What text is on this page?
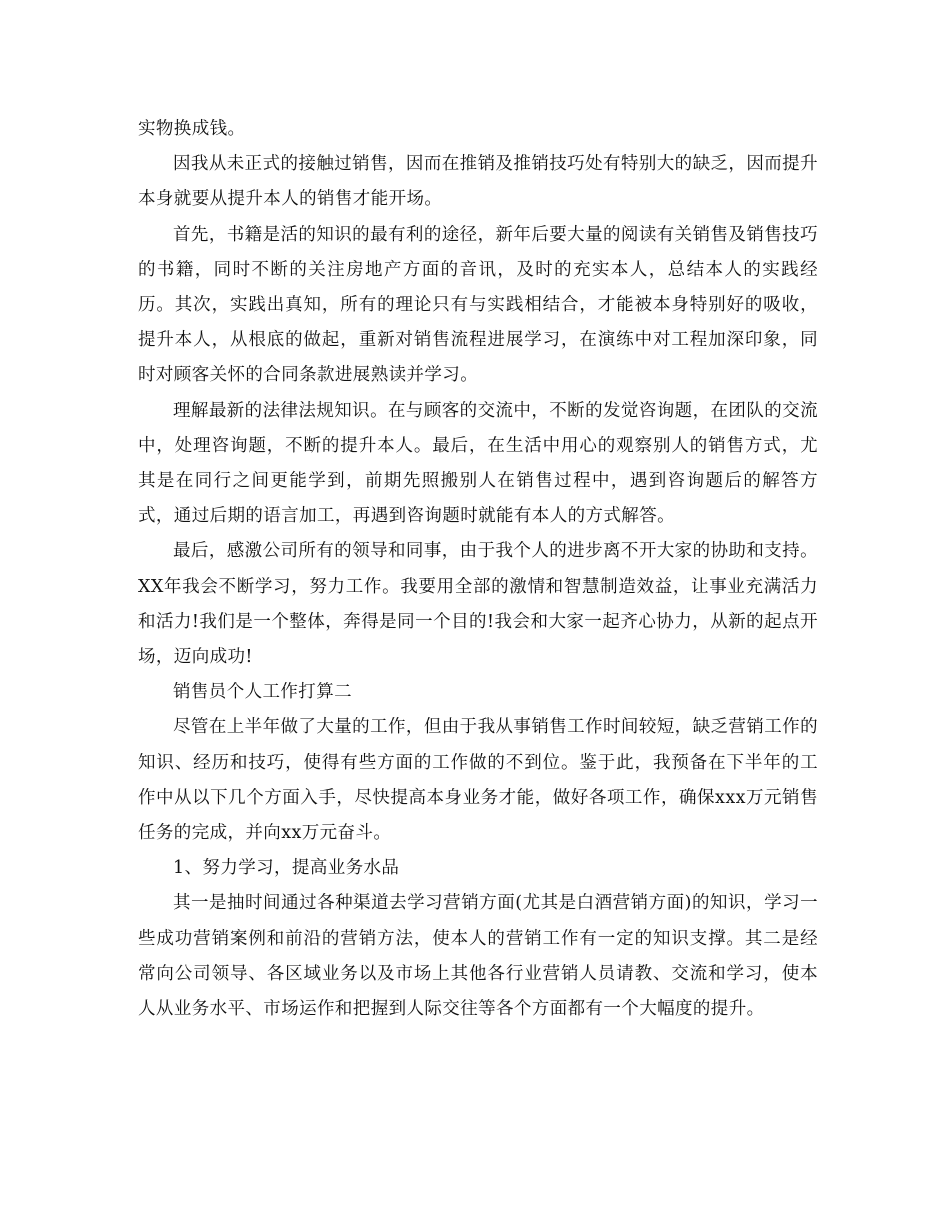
实物换成钱。

因我从未正式的接触过销售，因而在推销及推销技巧处有特别大的缺乏，因而提升本身就要从提升本人的销售才能开场。

首先，书籍是活的知识的最有利的途径，新年后要大量的阅读有关销售及销售技巧的书籍，同时不断的关注房地产方面的音讯，及时的充实本人，总结本人的实践经历。其次，实践出真知，所有的理论只有与实践相结合，才能被本身特别好的吸收，提升本人，从根底的做起，重新对销售流程进展学习，在演练中对工程加深印象，同时对顾客关怀的合同条款进展熟读并学习。

理解最新的法律法规知识。在与顾客的交流中，不断的发觉咨询题，在团队的交流中，处理咨询题，不断的提升本人。最后，在生活中用心的观察别人的销售方式，尤其是在同行之间更能学到，前期先照搬别人在销售过程中，遇到咨询题后的解答方式，通过后期的语言加工，再遇到咨询题时就能有本人的方式解答。

最后，感激公司所有的领导和同事，由于我个人的进步离不开大家的协助和支持。XX年我会不断学习，努力工作。我要用全部的激情和智慧制造效益，让事业充满活力和活力!我们是一个整体，奔得是同一个目的!我会和大家一起齐心协力，从新的起点开场，迈向成功!

销售员个人工作打算二

尽管在上半年做了大量的工作，但由于我从事销售工作时间较短，缺乏营销工作的知识、经历和技巧，使得有些方面的工作做的不到位。鉴于此，我预备在下半年的工作中从以下几个方面入手，尽快提高本身业务才能，做好各项工作，确保xxx万元销售任务的完成，并向xx万元奋斗。

1、努力学习，提高业务水品

其一是抽时间通过各种渠道去学习营销方面(尤其是白酒营销方面)的知识，学习一些成功营销案例和前沿的营销方法，使本人的营销工作有一定的知识支撑。其二是经常向公司领导、各区域业务以及市场上其他各行业营销人员请教、交流和学习，使本人从业务水平、市场运作和把握到人际交往等各个方面都有一个大幅度的提升。
